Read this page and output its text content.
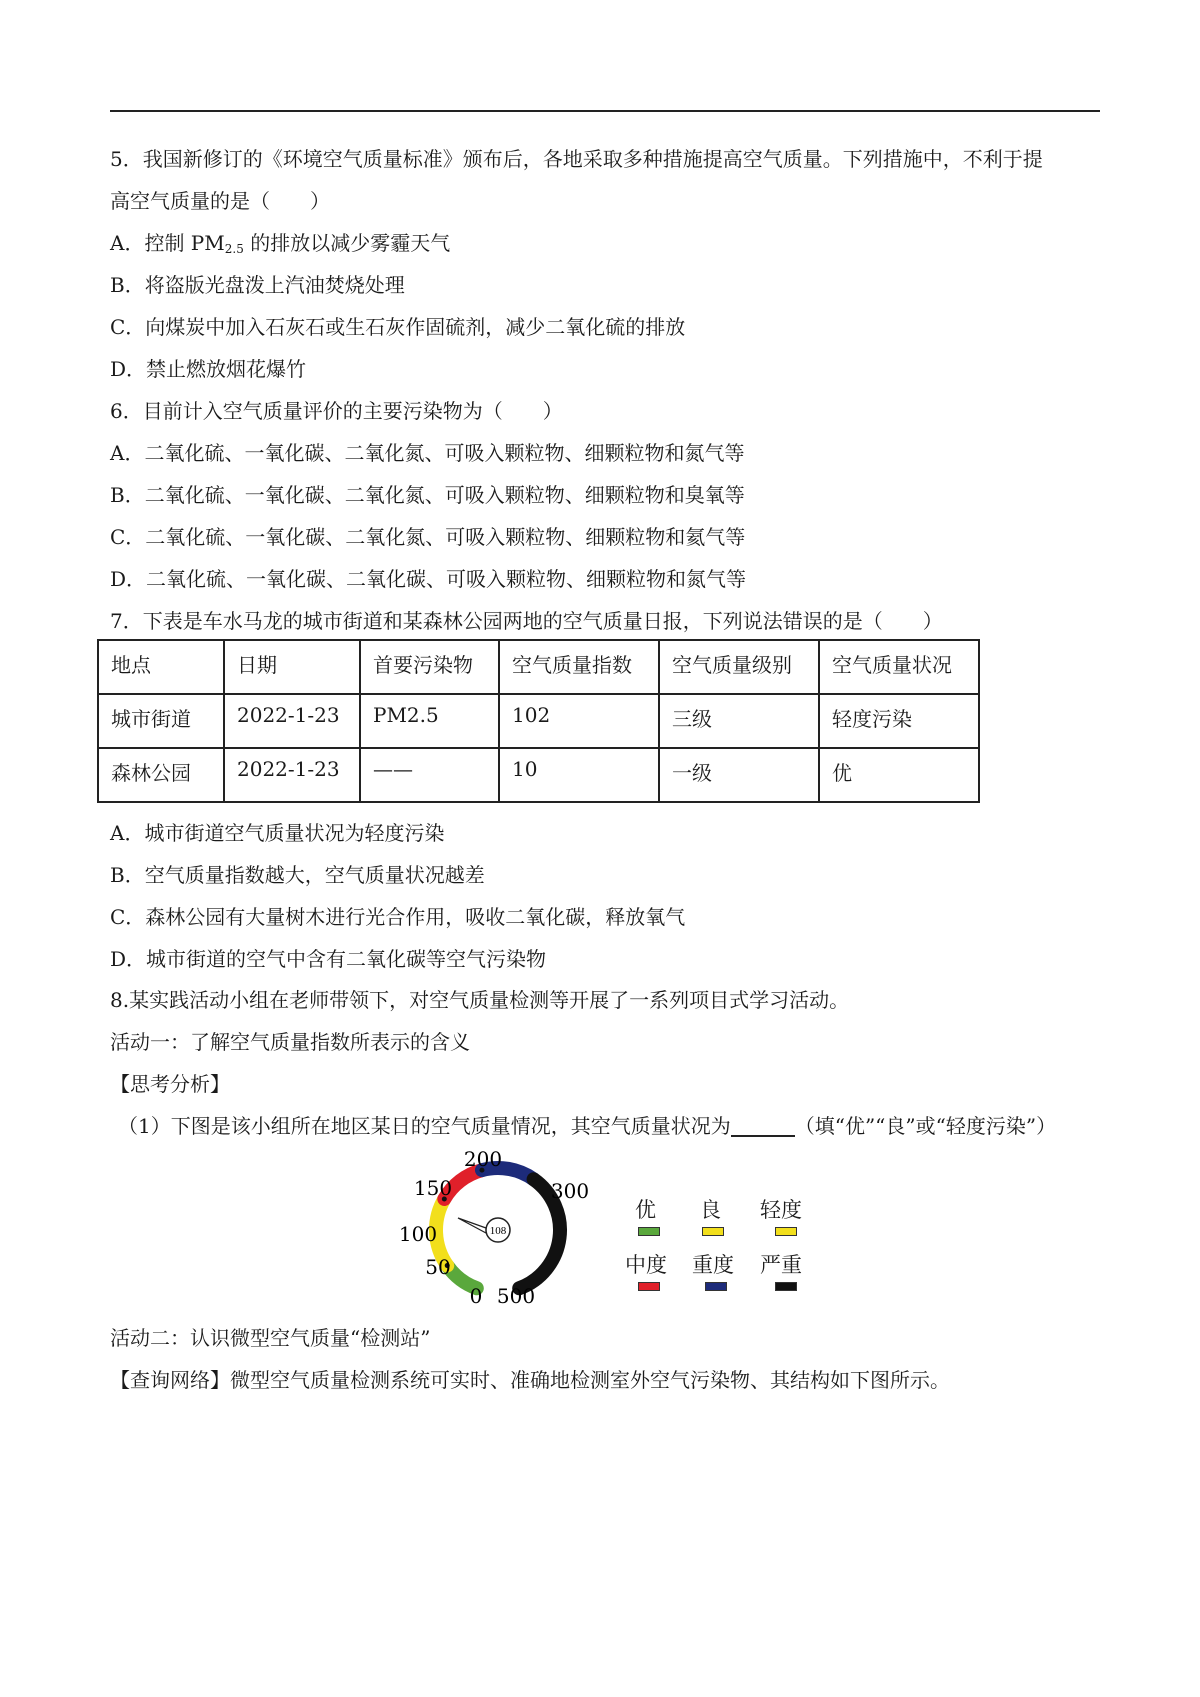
5．我国新修订的《环境空气质量标准》颁布后，各地采取多种措施提高空气质量。下列措施中，不利于提
高空气质量的是（　　）
A．控制 $PM_{2.5}$ 的排放以减少雾霾天气
B．将盗版光盘泼上汽油焚烧处理
C．向煤炭中加入石灰石或生石灰作固硫剂，减少二氧化硫的排放
D．禁止燃放烟花爆竹
6．目前计入空气质量评价的主要污染物为（　　）
A．二氧化硫、一氧化碳、二氧化氮、可吸入颗粒物、细颗粒物和氮气等
B．二氧化硫、一氧化碳、二氧化氮、可吸入颗粒物、细颗粒物和臭氧等
C．二氧化硫、一氧化碳、二氧化氮、可吸入颗粒物、细颗粒物和氦气等
D．二氧化硫、一氧化碳、二氧化碳、可吸入颗粒物、细颗粒物和氮气等
7．下表是车水马龙的城市街道和某森林公园两地的空气质量日报，下列说法错误的是（　　）
地点	日期	首要污染物	空气质量指数	空气质量级别	空气质量状况
城市街道	2022-1-23	PM2.5	102	三级	轻度污染
森林公园	2022-1-23	——	10	一级	优
A．城市街道空气质量状况为轻度污染
B．空气质量指数越大，空气质量状况越差
C．森林公园有大量树木进行光合作用，吸收二氧化碳，释放氧气
D．城市街道的空气中含有二氧化碳等空气污染物
8.某实践活动小组在老师带领下，对空气质量检测等开展了一系列项目式学习活动。
活动一：了解空气质量指数所表示的含义
【思考分析】
（1）下图是该小组所在地区某日的空气质量情况，其空气质量状况为	（填“优”“良”或“轻度污染”）
108
200
150	300
100
50
0 500
优 良 轻度
中度 重度 严重
活动二：认识微型空气质量“检测站”
【查询网络】微型空气质量检测系统可实时、准确地检测室外空气污染物、其结构如下图所示。
